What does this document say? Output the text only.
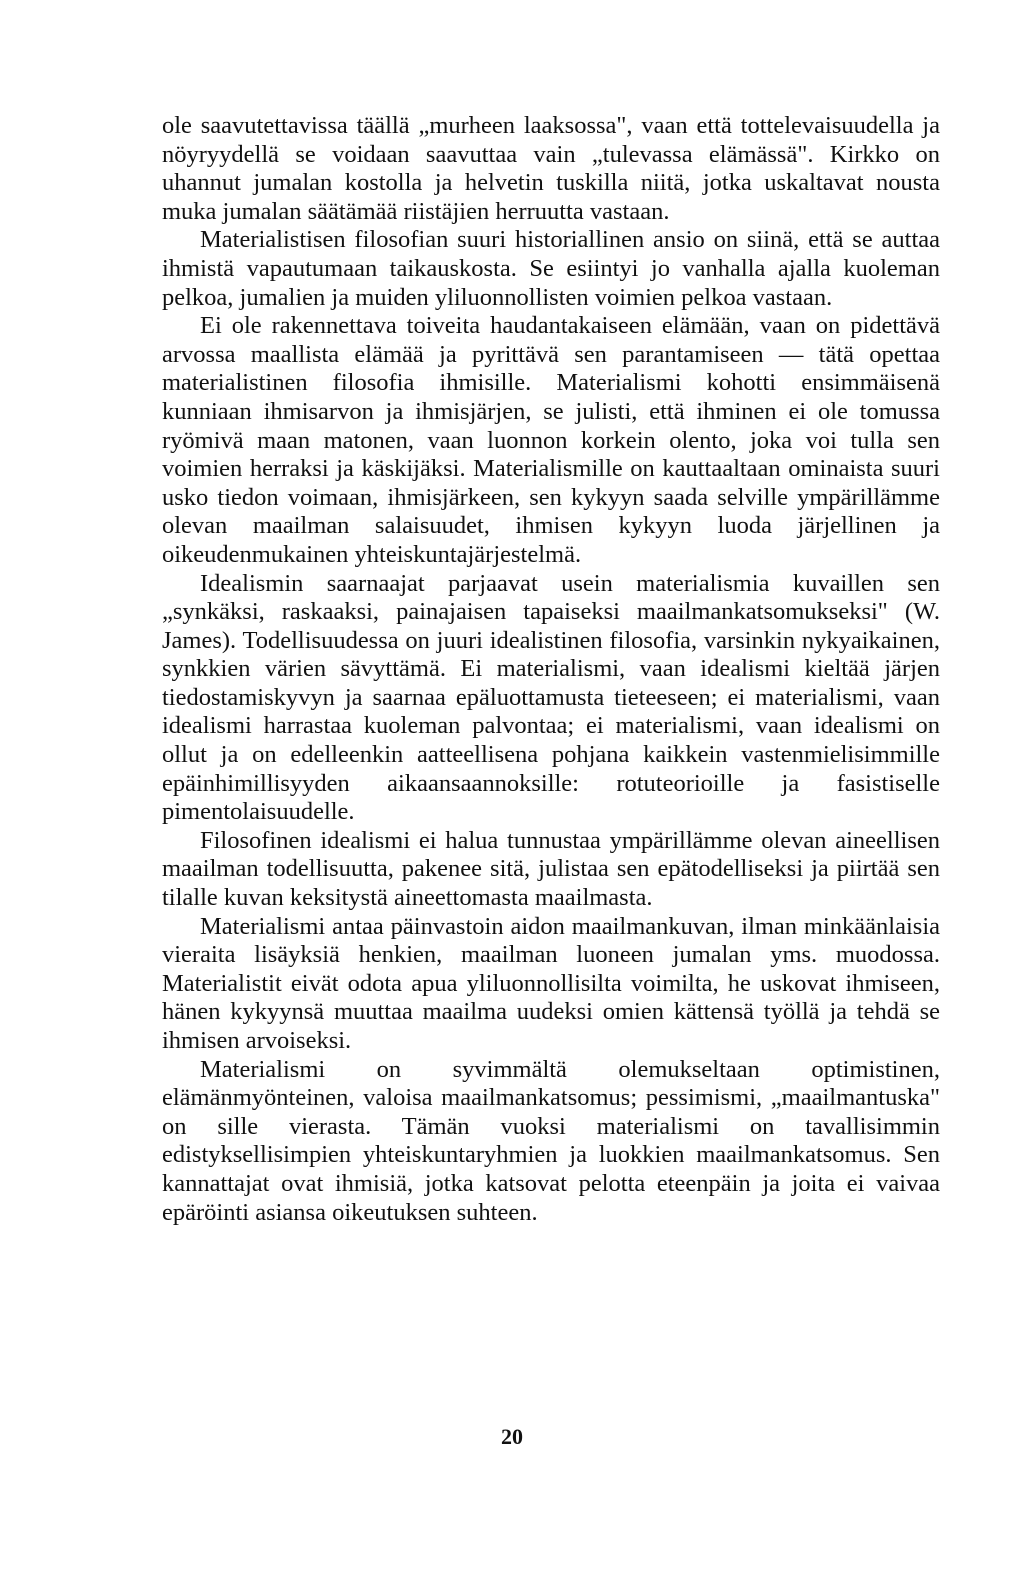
ole saavutettavissa täällä „murheen laaksossa", vaan että tottelevaisuudella ja nöyryydellä se voidaan saavuttaa vain „tulevassa elämässä". Kirkko on uhannut jumalan kostolla ja helvetin tuskilla niitä, jotka uskaltavat nousta muka jumalan säätämää riistäjien herruutta vastaan.

Materialistisen filosofian suuri historiallinen ansio on siinä, että se auttaa ihmistä vapautumaan taikauskosta. Se esiintyi jo vanhalla ajalla kuoleman pelkoa, jumalien ja muiden yliluonnollisten voimien pelkoa vastaan.

Ei ole rakennettava toiveita haudantakaiseen elämään, vaan on pidettävä arvossa maallista elämää ja pyrittävä sen parantamiseen — tätä opettaa materialistinen filosofia ihmisille. Materialismi kohotti ensimmäisenä kunniaan ihmisarvon ja ihmisjärjen, se julisti, että ihminen ei ole tomussa ryömivä maan matonen, vaan luonnon korkein olento, joka voi tulla sen voimien herraksi ja käskijäksi. Materialismille on kauttaaltaan ominaista suuri usko tiedon voimaan, ihmisjärkeen, sen kykyyn saada selville ympärillämme olevan maailman salaisuudet, ihmisen kykyyn luoda järjellinen ja oikeudenmukainen yhteiskuntajärjestelmä.

Idealismin saarnaajat parjaavat usein materialismia kuvaillen sen „synkäksi, raskaaksi, painajaisen tapaiseksi maailmankatsomukseksi" (W. James). Todellisuudessa on juuri idealistinen filosofia, varsinkin nykyaikainen, synkkien värien sävyttämä. Ei materialismi, vaan idealismi kieltää järjen tiedostamiskyvyn ja saarnaa epäluottamusta tieteeseen; ei materialismi, vaan idealismi harrastaa kuoleman palvontaa; ei materialismi, vaan idealismi on ollut ja on edelleenkin aatteellisena pohjana kaikkein vastenmielisimmille epäinhimillisyyden aikaansaannoksille: rotuteorioille ja fasistiselle pimentolaisuudelle.

Filosofinen idealismi ei halua tunnustaa ympärillämme olevan aineellisen maailman todellisuutta, pakenee sitä, julistaa sen epätodelliseksi ja piirtää sen tilalle kuvan keksitystä aineettomasta maailmasta.

Materialismi antaa päinvastoin aidon maailmankuvan, ilman minkäänlaisia vieraita lisäyksiä henkien, maailman luoneen jumalan yms. muodossa. Materialistit eivät odota apua yliluonnollisilta voimilta, he uskovat ihmiseen, hänen kykyynsä muuttaa maailma uudeksi omien kättensä työllä ja tehdä se ihmisen arvoiseksi.

Materialismi on syvimmältä olemukseltaan optimistinen, elämänmyönteinen, valoisa maailmankatsomus; pessimismi, „maailmantuska" on sille vierasta. Tämän vuoksi materialismi on tavallisimmin edistyksellisimpien yhteiskuntaryhmien ja luokkien maailmankatsomus. Sen kannattajat ovat ihmisiä, jotka katsovat pelotta eteenpäin ja joita ei vaivaa epäröinti asiansa oikeutuksen suhteen.

20
